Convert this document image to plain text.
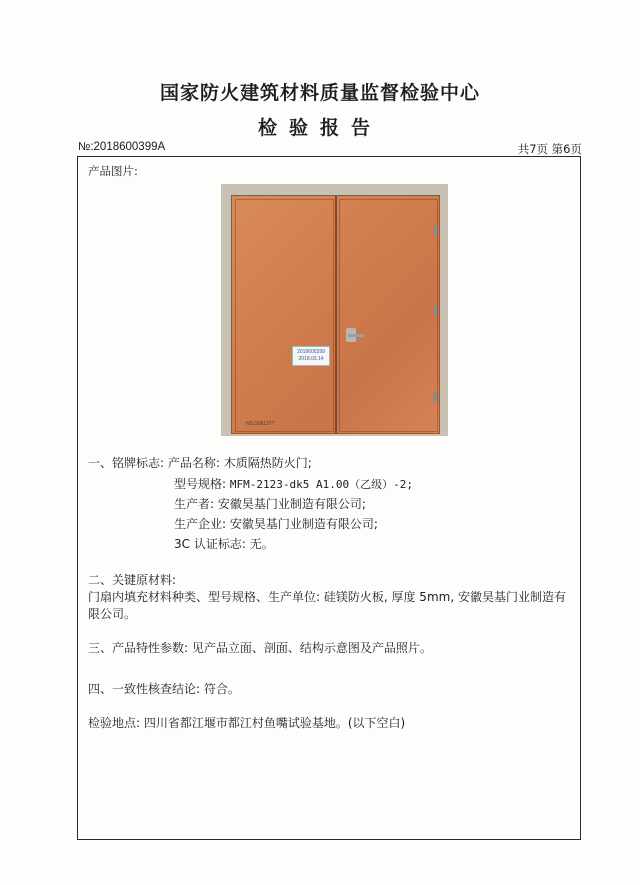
国家防火建筑材料质量监督检验中心
检验报告
№:2018600399A	共7页 第6页
产品图片:
2018600399
2018.03.14
NO.5081377
一、铭牌标志: 产品名称: 木质隔热防火门;
型号规格: MFM-2123-dk5 A1.00（乙级）-2;
生产者: 安徽昊基门业制造有限公司;
生产企业: 安徽昊基门业制造有限公司;
3C 认证标志: 无。
二、关键原材料:
门扇内填充材料种类、型号规格、生产单位: 硅镁防火板, 厚度 5mm, 安徽昊基门业制造有
限公司。
三、产品特性参数: 见产品立面、剖面、结构示意图及产品照片。
四、一致性核查结论: 符合。
检验地点: 四川省都江堰市都江村鱼嘴试验基地。(以下空白)
